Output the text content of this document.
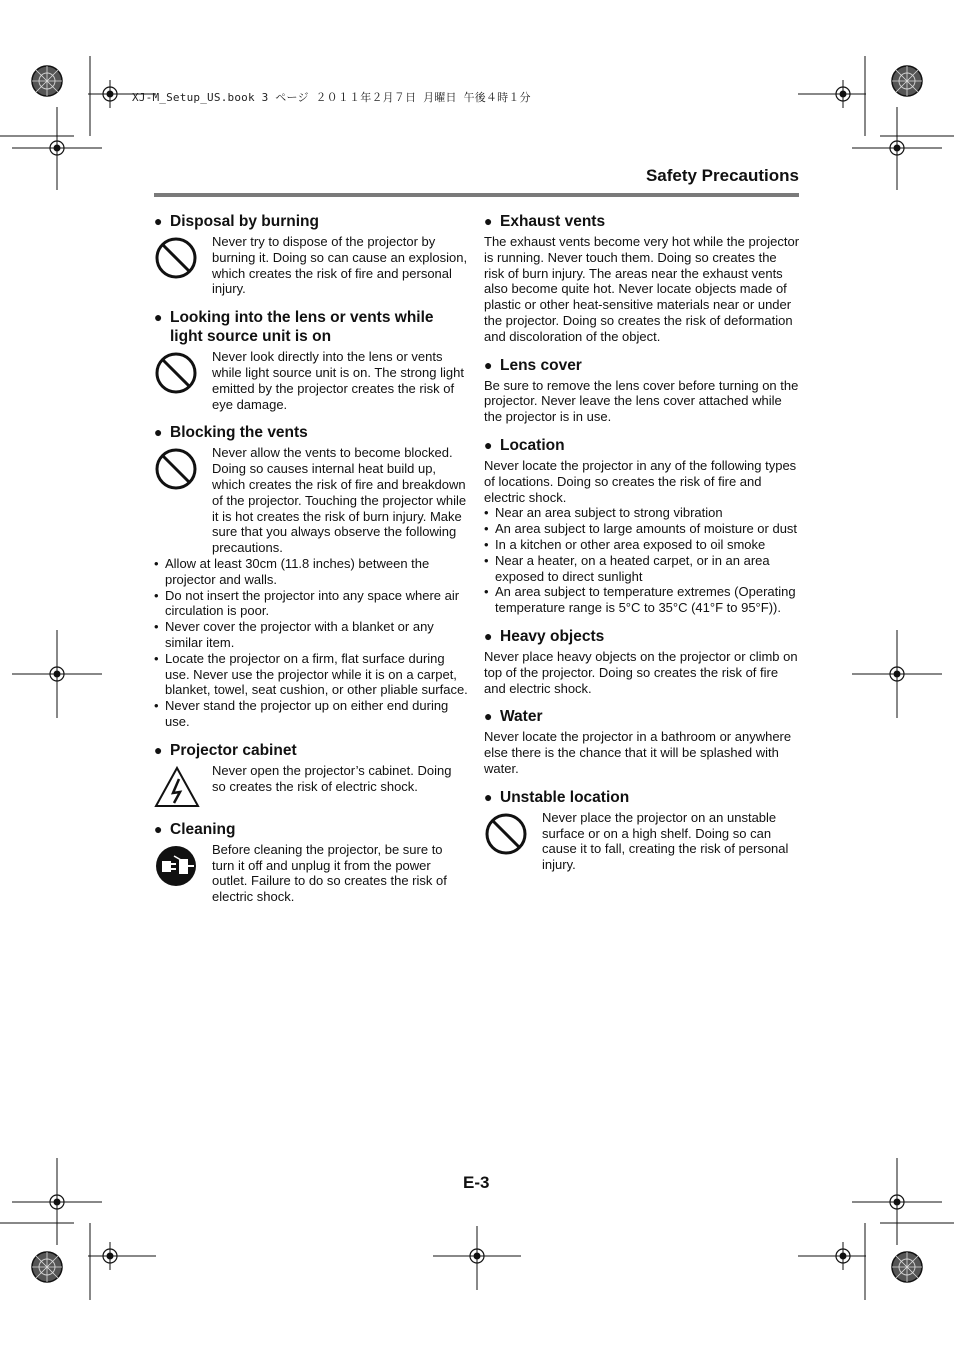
XJ-M_Setup_US.book 3 ページ ２０１１年２月７日 月曜日 午後４時１分
Safety Precautions
● Disposal by burning
Never try to dispose of the projector by burning it. Doing so can cause an explosion, which creates the risk of fire and personal injury.
● Looking into the lens or vents while light source unit is on
Never look directly into the lens or vents while light source unit is on. The strong light emitted by the projector creates the risk of eye damage.
● Blocking the vents
Never allow the vents to become blocked. Doing so causes internal heat build up, which creates the risk of fire and breakdown of the projector. Touching the projector while it is hot creates the risk of burn injury. Make sure that you always observe the following precautions.
• Allow at least 30cm (11.8 inches) between the projector and walls.
• Do not insert the projector into any space where air circulation is poor.
• Never cover the projector with a blanket or any similar item.
• Locate the projector on a firm, flat surface during use. Never use the projector while it is on a carpet, blanket, towel, seat cushion, or other pliable surface.
• Never stand the projector up on either end during use.
● Projector cabinet
Never open the projector’s cabinet. Doing so creates the risk of electric shock.
● Cleaning
Before cleaning the projector, be sure to turn it off and unplug it from the power outlet. Failure to do so creates the risk of electric shock.
● Exhaust vents
The exhaust vents become very hot while the projector is running. Never touch them. Doing so creates the risk of burn injury. The areas near the exhaust vents also become quite hot. Never locate objects made of plastic or other heat-sensitive materials near or under the projector. Doing so creates the risk of deformation and discoloration of the object.
● Lens cover
Be sure to remove the lens cover before turning on the projector. Never leave the lens cover attached while the projector is in use.
● Location
Never locate the projector in any of the following types of locations. Doing so creates the risk of fire and electric shock.
• Near an area subject to strong vibration
• An area subject to large amounts of moisture or dust
• In a kitchen or other area exposed to oil smoke
• Near a heater, on a heated carpet, or in an area exposed to direct sunlight
• An area subject to temperature extremes (Operating temperature range is 5°C to 35°C (41°F to 95°F)).
● Heavy objects
Never place heavy objects on the projector or climb on top of the projector. Doing so creates the risk of fire and electric shock.
● Water
Never locate the projector in a bathroom or anywhere else there is the chance that it will be splashed with water.
● Unstable location
Never place the projector on an unstable surface or on a high shelf. Doing so can cause it to fall, creating the risk of personal injury.
E-3
